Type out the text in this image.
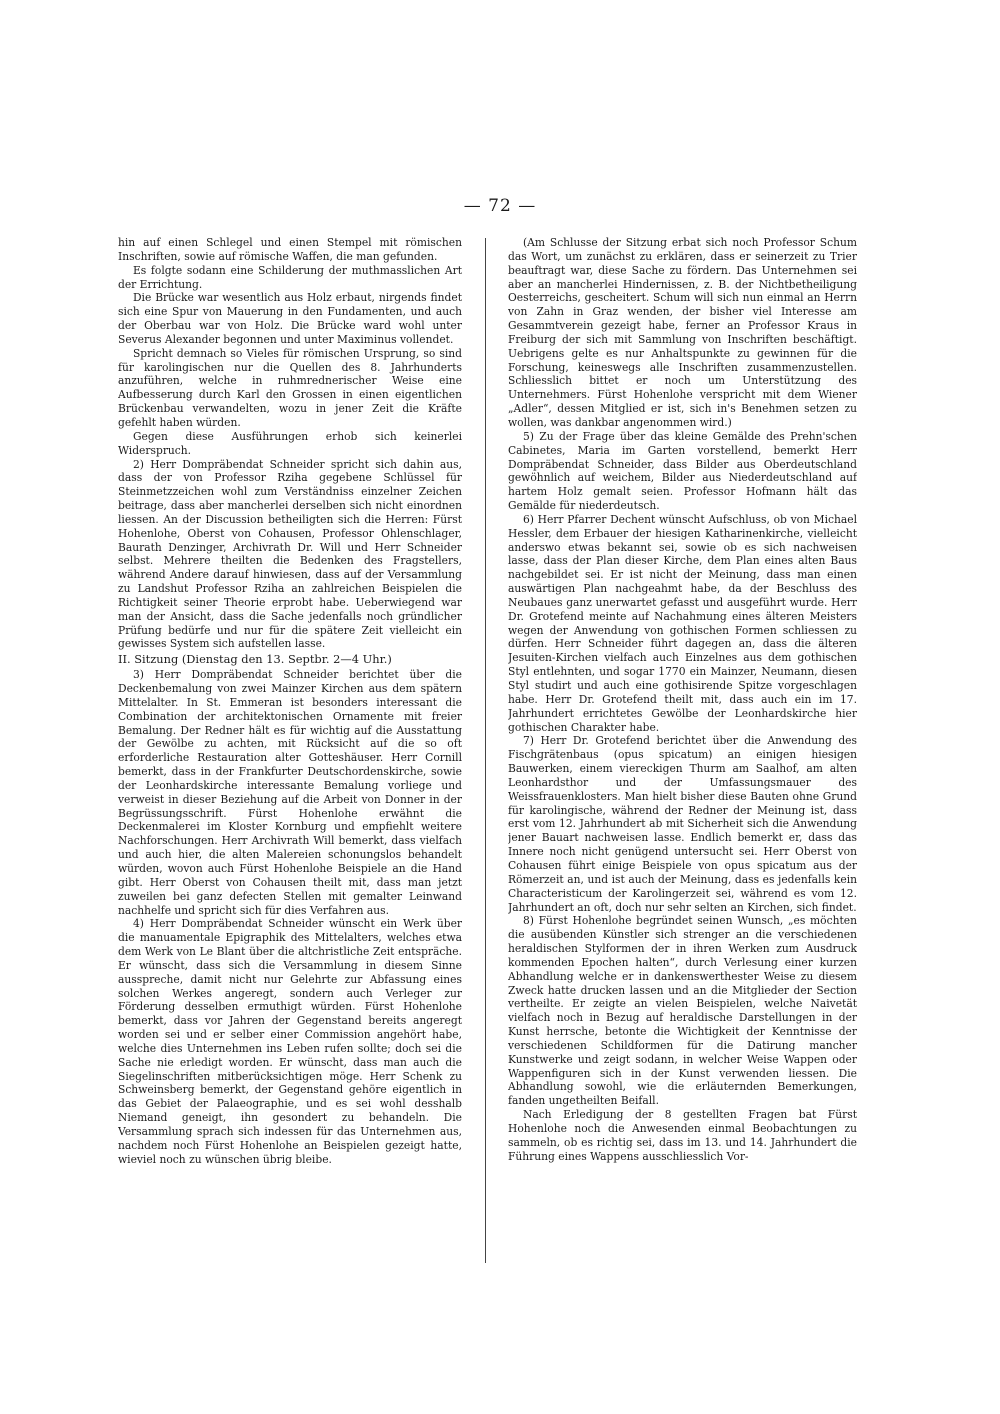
— 72 —

hin auf einen Schlegel und einen Stempel mit römischen Inschriften, sowie auf römische Waffen, die man gefunden.

Es folgte sodann eine Schilderung der muthmasslichen Art der Errichtung.

Die Brücke war wesentlich aus Holz erbaut, nirgends findet sich eine Spur von Mauerung in den Fundamenten, und auch der Oberbau war von Holz. Die Brücke ward wohl unter Severus Alexander begonnen und unter Maximinus vollendet.

Spricht demnach so Vieles für römischen Ursprung, so sind für karolingischen nur die Quellen des 8. Jahrhunderts anzuführen, welche in ruhmrednerischer Weise eine Aufbesserung durch Karl den Grossen in einen eigentlichen Brückenbau verwandelten, wozu in jener Zeit die Kräfte gefehlt haben würden.

Gegen diese Ausführungen erhob sich keinerlei Widerspruch.

2) Herr Dompräbendat Schneider spricht sich dahin aus, dass der von Professor Rziha gegebene Schlüssel für Steinmetzzeichen wohl zum Verständniss einzelner Zeichen beitrage, dass aber mancherlei derselben sich nicht einordnen liessen. An der Discussion betheiligten sich die Herren: Fürst Hohenlohe, Oberst von Cohausen, Professor Ohlenschlager, Baurath Denzinger, Archivrath Dr. Will und Herr Schneider selbst. Mehrere theilten die Bedenken des Fragstellers, während Andere darauf hinwiesen, dass auf der Versammlung zu Landshut Professor Rziha an zahlreichen Beispielen die Richtigkeit seiner Theorie erprobt habe. Ueberwiegend war man der Ansicht, dass die Sache jedenfalls noch gründlicher Prüfung bedürfe und nur für die spätere Zeit vielleicht ein gewisses System sich aufstellen lasse.

II. Sitzung (Dienstag den 13. Septbr. 2—4 Uhr.)

3) Herr Dompräbendat Schneider berichtet über die Deckenbemalung von zwei Mainzer Kirchen aus dem spätern Mittelalter. In St. Emmeran ist besonders interessant die Combination der architektonischen Ornamente mit freier Bemalung. Der Redner hält es für wichtig auf die Ausstattung der Gewölbe zu achten, mit Rücksicht auf die so oft erforderliche Restauration alter Gotteshäuser. Herr Cornill bemerkt, dass in der Frankfurter Deutschordenskirche, sowie der Leonhardskirche interessante Bemalung vorliege und verweist in dieser Beziehung auf die Arbeit von Donner in der Begrüssungsschrift. Fürst Hohenlohe erwähnt die Deckenmalerei im Kloster Kornburg und empfiehlt weitere Nachforschungen. Herr Archivrath Will bemerkt, dass vielfach und auch hier, die alten Malereien schonungslos behandelt würden, wovon auch Fürst Hohenlohe Beispiele an die Hand gibt. Herr Oberst von Cohausen theilt mit, dass man jetzt zuweilen bei ganz defecten Stellen mit gemalter Leinwand nachhelfe und spricht sich für dies Verfahren aus.

4) Herr Dompräbendat Schneider wünscht ein Werk über die manuamentale Epigraphik des Mittelalters, welches etwa dem Werk von Le Blant über die altchristliche Zeit entspräche. Er wünscht, dass sich die Versammlung in diesem Sinne ausspreche, damit nicht nur Gelehrte zur Abfassung eines solchen Werkes angeregt, sondern auch Verleger zur Förderung desselben ermuthigt würden. Fürst Hohenlohe bemerkt, dass vor Jahren der Gegenstand bereits angeregt worden sei und er selber einer Commission angehört habe, welche dies Unternehmen ins Leben rufen sollte; doch sei die Sache nie erledigt worden. Er wünscht, dass man auch die Siegelinschriften mitberücksichtigen möge. Herr Schenk zu Schweinsberg bemerkt, der Gegenstand gehöre eigentlich in das Gebiet der Palaeographie, und es sei wohl desshalb Niemand geneigt, ihn gesondert zu behandeln. Die Versammlung sprach sich indessen für das Unternehmen aus, nachdem noch Fürst Hohenlohe an Beispielen gezeigt hatte, wieviel noch zu wünschen übrig bleibe.

(Am Schlusse der Sitzung erbat sich noch Professor Schum das Wort, um zunächst zu erklären, dass er seinerzeit zu Trier beauftragt war, diese Sache zu fördern. Das Unternehmen sei aber an mancherlei Hindernissen, z. B. der Nichtbetheiligung Oesterreichs, gescheitert. Schum will sich nun einmal an Herrn von Zahn in Graz wenden, der bisher viel Interesse am Gesammtverein gezeigt habe, ferner an Professor Kraus in Freiburg der sich mit Sammlung von Inschriften beschäftigt. Uebrigens gelte es nur Anhaltspunkte zu gewinnen für die Forschung, keineswegs alle Inschriften zusammenzustellen. Schliesslich bittet er noch um Unterstützung des Unternehmers. Fürst Hohenlohe verspricht mit dem Wiener „Adler“, dessen Mitglied er ist, sich in's Benehmen setzen zu wollen, was dankbar angenommen wird.)

5) Zu der Frage über das kleine Gemälde des Prehn'schen Cabinetes, Maria im Garten vorstellend, bemerkt Herr Dompräbendat Schneider, dass Bilder aus Oberdeutschland gewöhnlich auf weichem, Bilder aus Niederdeutschland auf hartem Holz gemalt seien. Professor Hofmann hält das Gemälde für niederdeutsch.

6) Herr Pfarrer Dechent wünscht Aufschluss, ob von Michael Hessler, dem Erbauer der hiesigen Katharinenkirche, vielleicht anderswo etwas bekannt sei, sowie ob es sich nachweisen lasse, dass der Plan dieser Kirche, dem Plan eines alten Baus nachgebildet sei. Er ist nicht der Meinung, dass man einen auswärtigen Plan nachgeahmt habe, da der Beschluss des Neubaues ganz unerwartet gefasst und ausgeführt wurde. Herr Dr. Grotefend meinte auf Nachahmung eines älteren Meisters wegen der Anwendung von gothischen Formen schliessen zu dürfen. Herr Schneider führt dagegen an, dass die älteren Jesuiten-Kirchen vielfach auch Einzelnes aus dem gothischen Styl entlehnten, und sogar 1770 ein Mainzer, Neumann, diesen Styl studirt und auch eine gothisirende Spitze vorgeschlagen habe. Herr Dr. Grotefend theilt mit, dass auch ein im 17. Jahrhundert errichtetes Gewölbe der Leonhardskirche hier gothischen Charakter habe.

7) Herr Dr. Grotefend berichtet über die Anwendung des Fischgrätenbaus (opus spicatum) an einigen hiesigen Bauwerken, einem viereckigen Thurm am Saalhof, am alten Leonhardsthor und der Umfassungsmauer des Weissfrauenklosters. Man hielt bisher diese Bauten ohne Grund für karolingische, während der Redner der Meinung ist, dass erst vom 12. Jahrhundert ab mit Sicherheit sich die Anwendung jener Bauart nachweisen lasse. Endlich bemerkt er, dass das Innere noch nicht genügend untersucht sei. Herr Oberst von Cohausen führt einige Beispiele von opus spicatum aus der Römerzeit an, und ist auch der Meinung, dass es jedenfalls kein Characteristicum der Karolingerzeit sei, während es vom 12. Jahrhundert an oft, doch nur sehr selten an Kirchen, sich findet.

8) Fürst Hohenlohe begründet seinen Wunsch, „es möchten die ausübenden Künstler sich strenger an die verschiedenen heraldischen Stylformen der in ihren Werken zum Ausdruck kommenden Epochen halten“, durch Verlesung einer kurzen Abhandlung welche er in dankenswerthester Weise zu diesem Zweck hatte drucken lassen und an die Mitglieder der Section vertheilte. Er zeigte an vielen Beispielen, welche Naivetät vielfach noch in Bezug auf heraldische Darstellungen in der Kunst herrsche, betonte die Wichtigkeit der Kenntnisse der verschiedenen Schildformen für die Datirung mancher Kunstwerke und zeigt sodann, in welcher Weise Wappen oder Wappenfiguren sich in der Kunst verwenden liessen. Die Abhandlung sowohl, wie die erläuternden Bemerkungen, fanden ungetheilten Beifall.

Nach Erledigung der 8 gestellten Fragen bat Fürst Hohenlohe noch die Anwesenden einmal Beobachtungen zu sammeln, ob es richtig sei, dass im 13. und 14. Jahrhundert die Führung eines Wappens ausschliesslich Vor-
